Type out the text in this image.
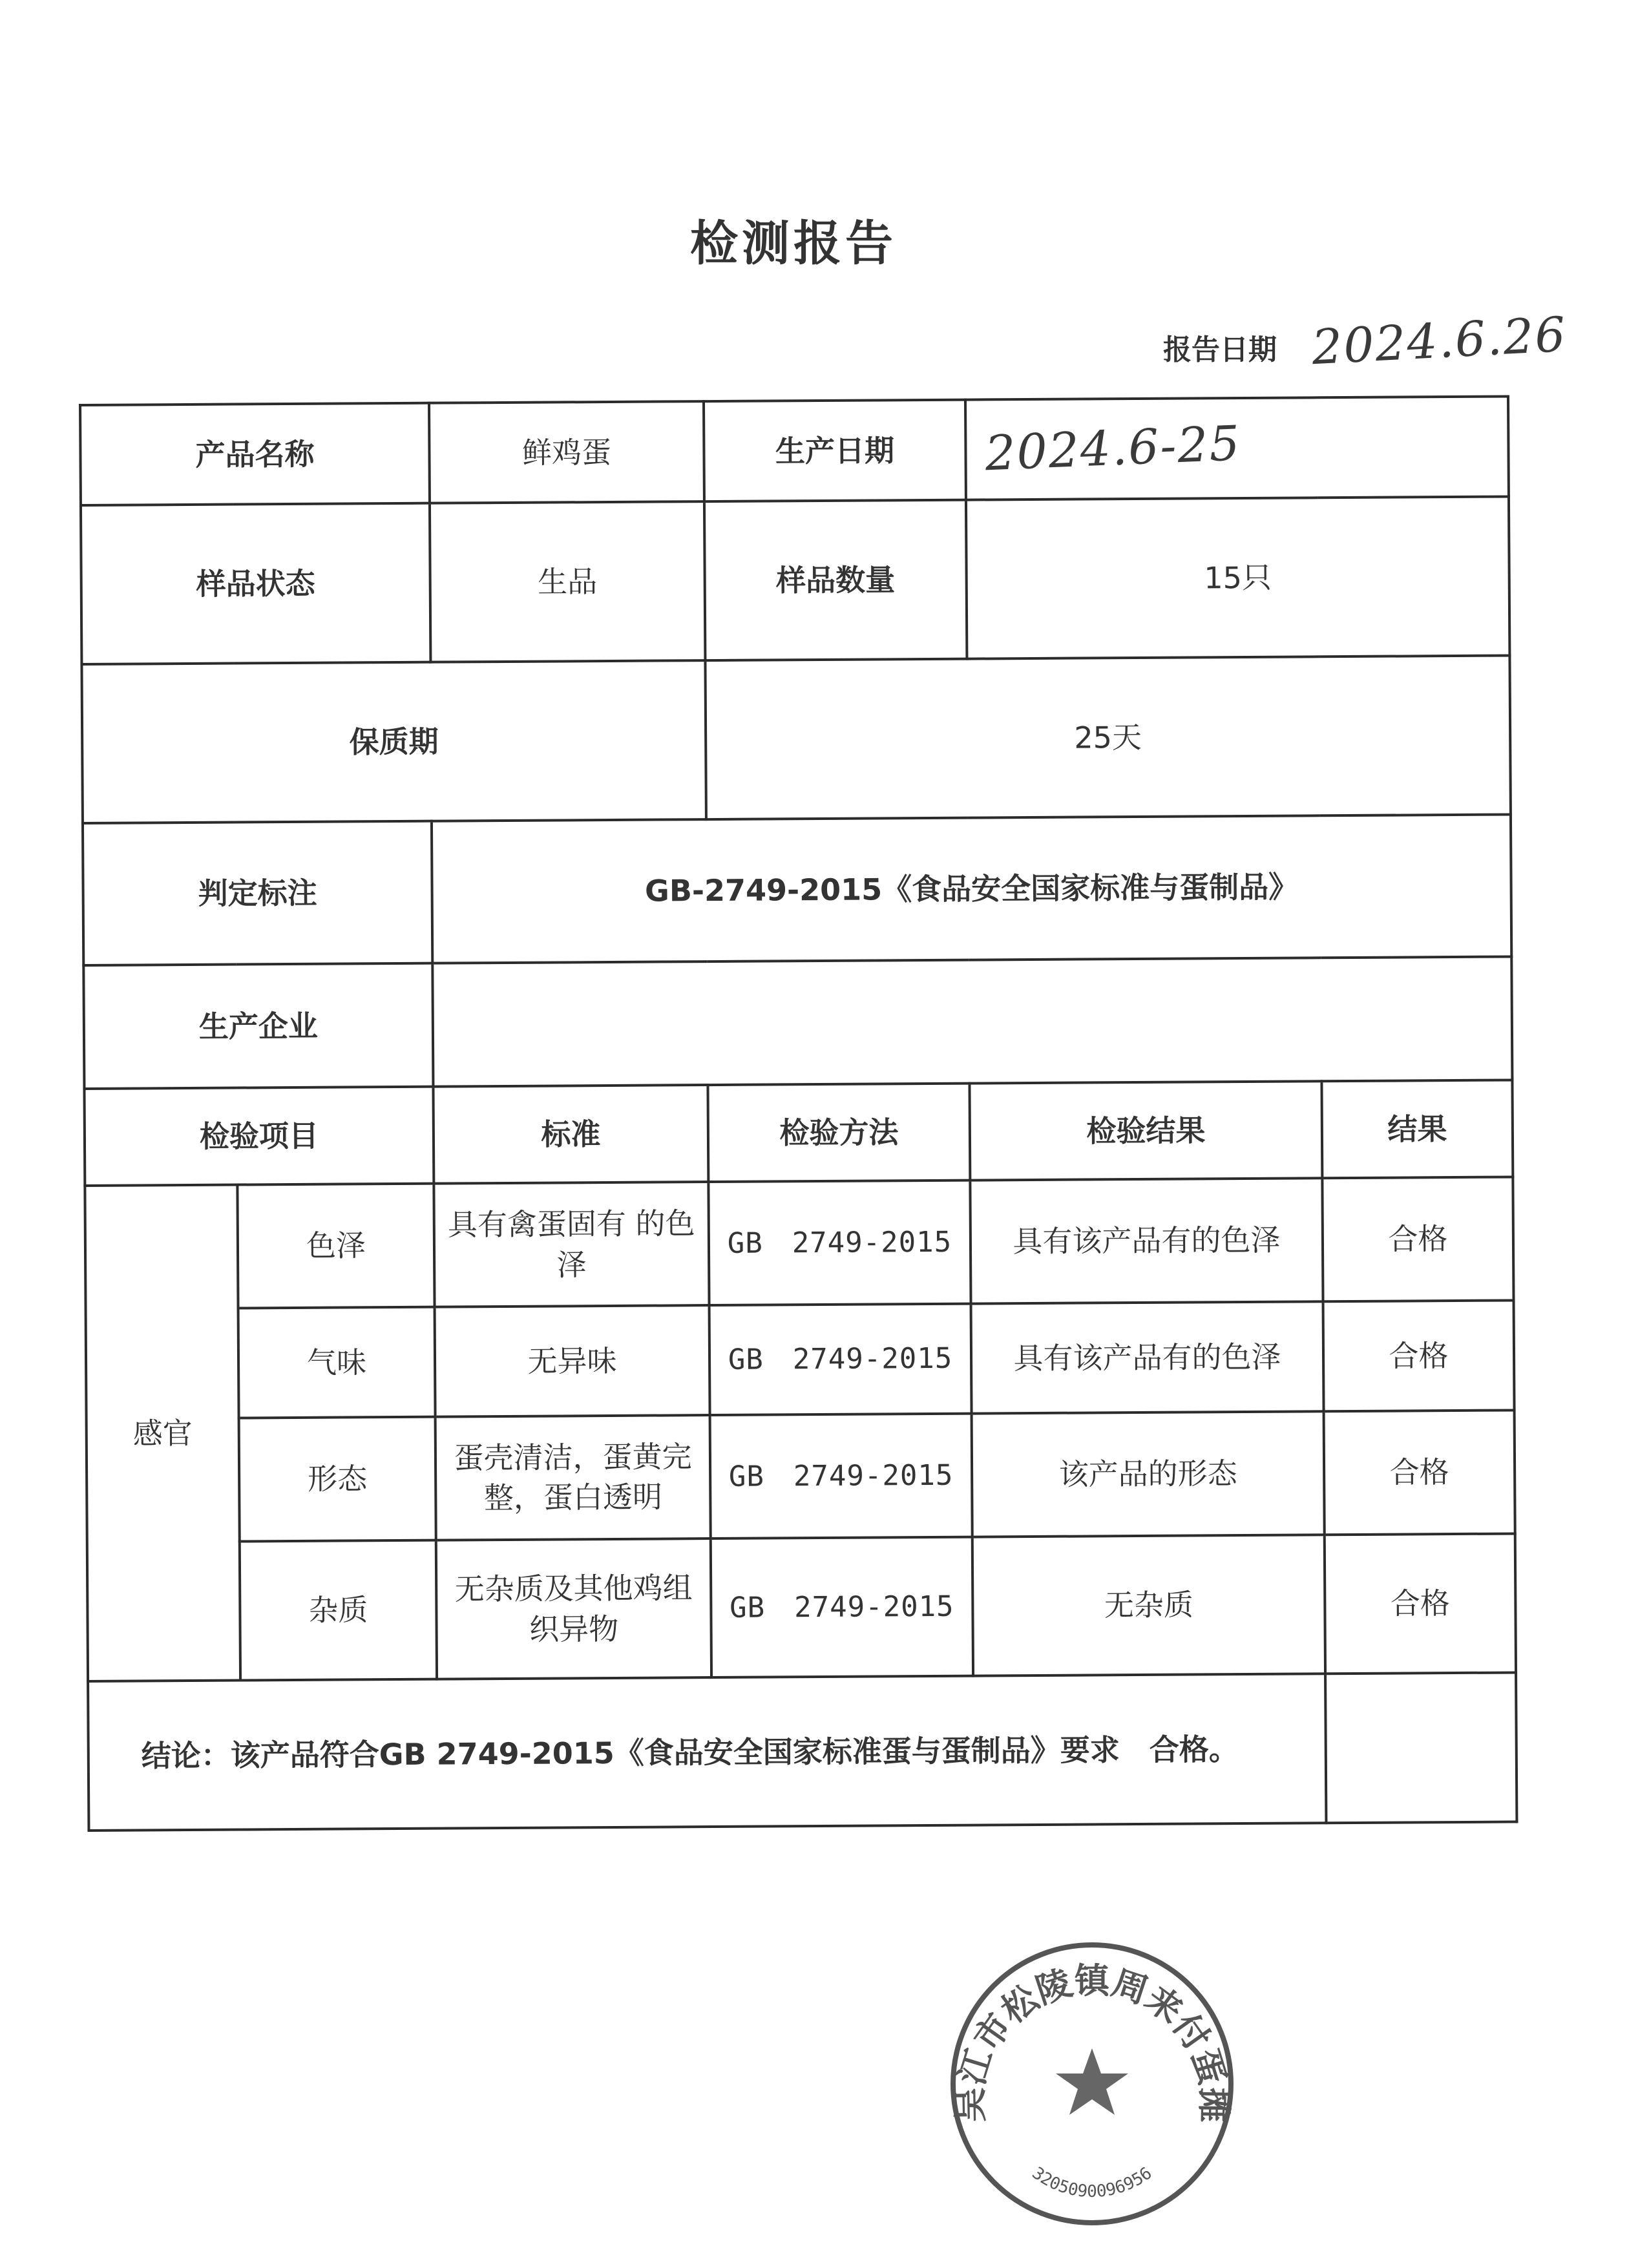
检测报告
报告日期 2024.6.26
产品名称		鲜鸡蛋	生产日期	2024.6-25	
样品状态		生品	样品数量	15只	
保质期			25天		
判定标注		GB-2749-2015《食品安全国家标准与蛋制品》			
生产企业					
检验项目		标准	检验方法	检验结果	结果
感官	色泽	具有禽蛋固有 的色泽	GB　2749-2015	具有该产品有的色泽	合格
	气味	无异味	GB　2749-2015	具有该产品有的色泽	合格
	形态	蛋壳清洁，蛋黄完整，蛋白透明	GB　2749-2015	该产品的形态	合格
	杂质	无杂质及其他鸡组织异物	GB　2749-2015	无杂质	合格
结论：该产品符合GB 2749-2015《食品安全国家标准蛋与蛋制品》要求　合格。					
吴江市松陵镇周来付蛋摊
3205090096956
